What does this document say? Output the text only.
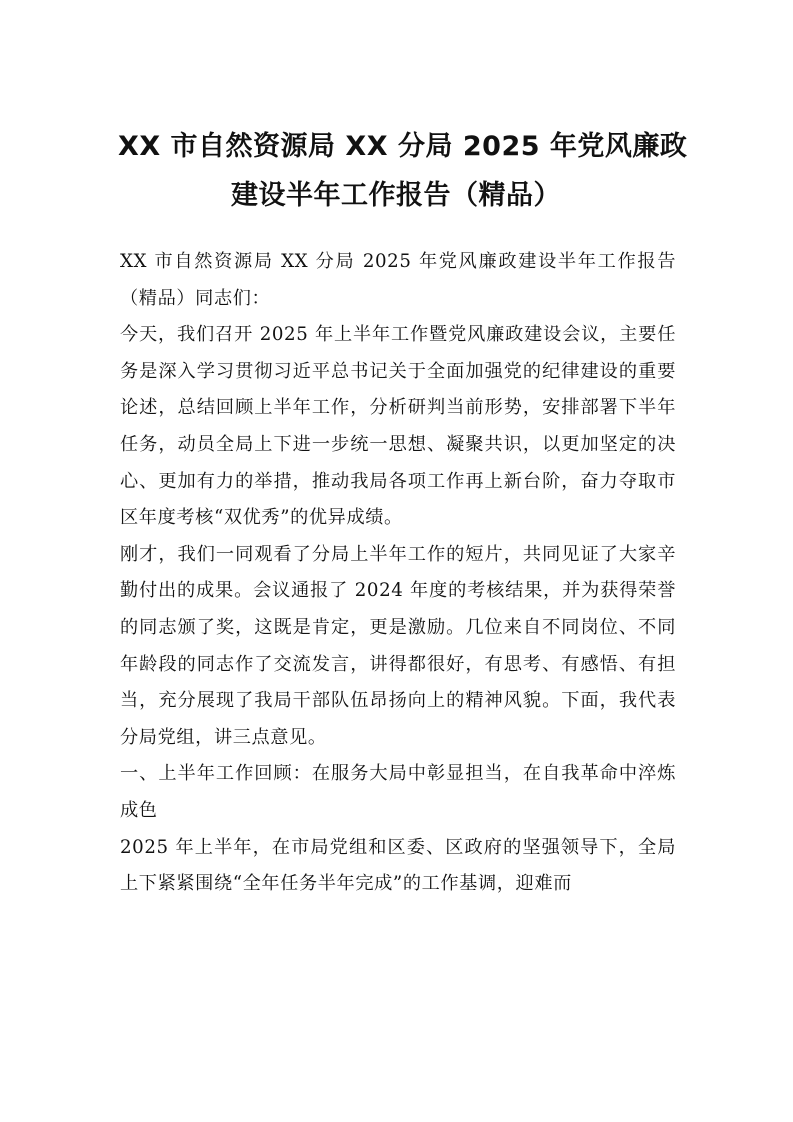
XX 市自然资源局 XX 分局 2025 年党风廉政
建设半年工作报告（精品）

XX 市自然资源局 XX 分局 2025 年党风廉政建设半年工作报告（精品）同志们：

今天，我们召开 2025 年上半年工作暨党风廉政建设会议，主要任务是深入学习贯彻习近平总书记关于全面加强党的纪律建设的重要论述，总结回顾上半年工作，分析研判当前形势，安排部署下半年任务，动员全局上下进一步统一思想、凝聚共识，以更加坚定的决心、更加有力的举措，推动我局各项工作再上新台阶，奋力夺取市区年度考核“双优秀”的优异成绩。

刚才，我们一同观看了分局上半年工作的短片，共同见证了大家辛勤付出的成果。会议通报了 2024 年度的考核结果，并为获得荣誉的同志颁了奖，这既是肯定，更是激励。几位来自不同岗位、不同年龄段的同志作了交流发言，讲得都很好，有思考、有感悟、有担当，充分展现了我局干部队伍昂扬向上的精神风貌。下面，我代表分局党组，讲三点意见。

一、上半年工作回顾：在服务大局中彰显担当，在自我革命中淬炼成色

2025 年上半年，在市局党组和区委、区政府的坚强领导下，全局上下紧紧围绕“全年任务半年完成”的工作基调，迎难而
